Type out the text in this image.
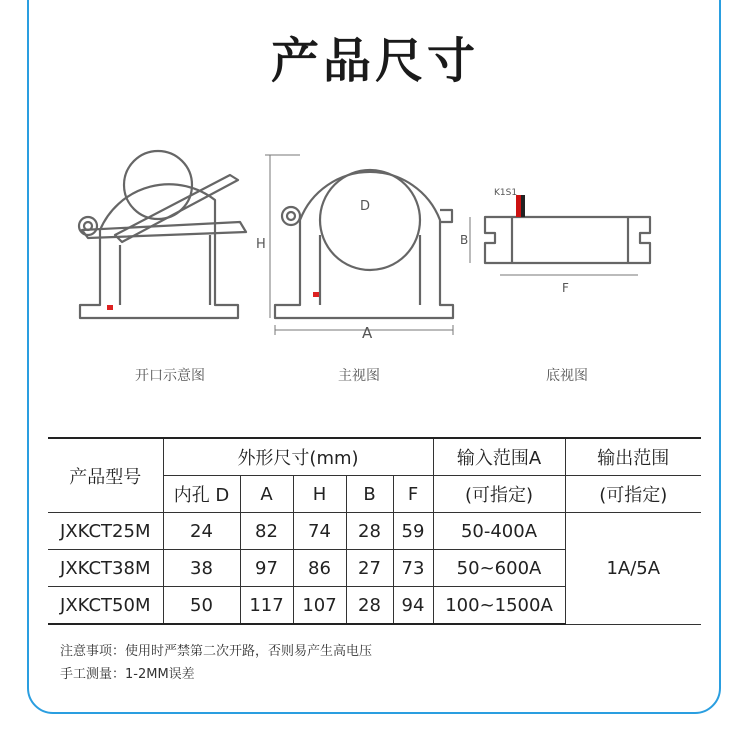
产品尺寸
D
H
A
B
F
K1S1
开口示意图	主视图	底视图
产品型号	外形尺寸(mm)					输入范围A	输出范围
	内孔 D	A	H	B	F	(可指定)	(可指定)
JXKCT25M	24	82	74	28	59	50-400A	1A/5A
JXKCT38M	38	97	86	27	73	50~600A	
JXKCT50M	50	117	107	28	94	100~1500A	
注意事项：使用时严禁第二次开路，否则易产生高电压
手工测量：1-2MM误差
